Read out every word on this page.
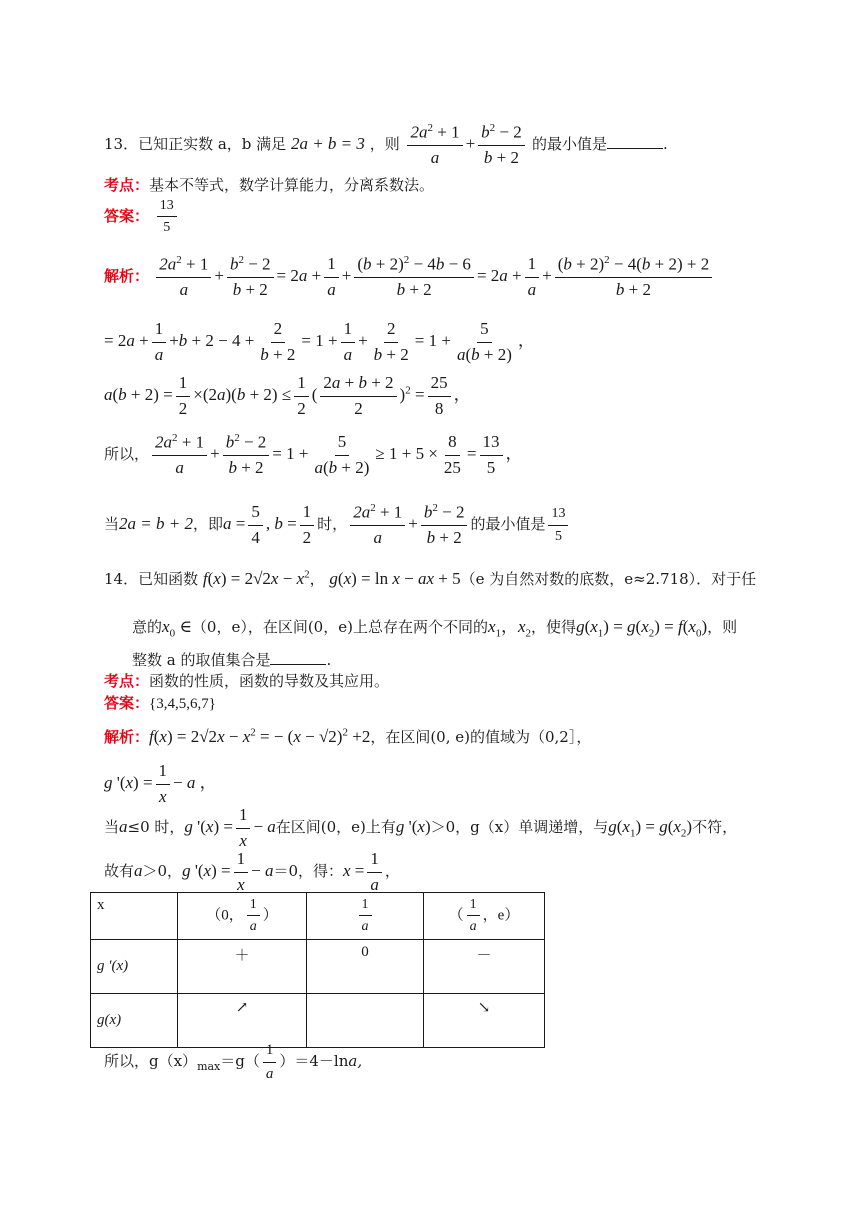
13．已知正实数 a，b 满足 2a + b = 3 ，则 $\frac{2a^2 + 1}{a} + \frac{b^2 - 2}{b + 2}$ 的最小值是	.
考点：基本不等式，数学计算能力，分离系数法。
答案： $\frac{13}{5}$
解析： $\frac{2a^2 + 1}{a} + \frac{b^2 - 2}{b + 2} = 2a + \frac{1}{a} + \frac{(b + 2)^2 - 4b - 6}{b + 2} = 2a + \frac{1}{a} + \frac{(b + 2)^2 - 4(b + 2) + 2}{b + 2}$
= $2a + \frac{1}{a} +b + 2 - 4 + \frac{2}{b + 2} = 1 + \frac{1}{a} + \frac{2}{b + 2} = 1 + \frac{5}{a(b + 2)}$ ，
$a(b + 2) = \frac{1}{2} \times(2a)(b + 2) \le \frac{1}{2}$ ( $\frac{2a + b + 2}{2} )^2 = \frac{25}{8}$ ，
所以， $\frac{2a^2 + 1}{a} + \frac{b^2 - 2}{b + 2} = 1 + \frac{5}{a(b + 2)} \ge 1 + 5 \times \frac{8}{25} = \frac{13}{5}$ ，
当2a = b + 2，即$a = \frac{5}{4}$ , $b = \frac{1}{2}$ 时， $\frac{2a^2 + 1}{a} + \frac{b^2 - 2}{b + 2}$ 的最小值是 $\frac{13}{5}$
14．已知函数 $f(x) = 2√2x - x^2$， g(x) = ln x − ax + 5（e 为自然对数的底数，e≈2.718）．对于任
意的$x_0$ ∈（0，e），在区间(0，e)上总存在两个不同的$x_1$，$x_2$，使得$g(x_1) = g(x_2) = f(x_0)$，则
整数 a 的取值集合是	.
考点：函数的性质，函数的导数及其应用。
答案：{3,4,5,6,7}
解析：$f(x) = 2√2x - x^2$ = − $(x - √2)^2 +2$，在区间(0, e)的值域为（0,2］，
g '$(x) = \frac{1}{x} - a$ ，
当a≤0 时，g '$(x) = \frac{1}{x} - a$在区间(0，e)上有g '(x)＞0，g（x）单调递增，与$g(x_1) = g(x_2)$不符，
故有a＞0，g '$(x) = \frac{1}{x} - a=0$，得：$x = \frac{1}{a}$ ，
x	（0， $\frac{1}{a}$ ）	$\frac{1}{a}$	（ $\frac{1}{a}$ ，e）
g '(x)	＋	0	－
g(x)	↗		↘
所以，$g(x)_{max}=g( \frac{1}{a} )=4-\ln a$,
